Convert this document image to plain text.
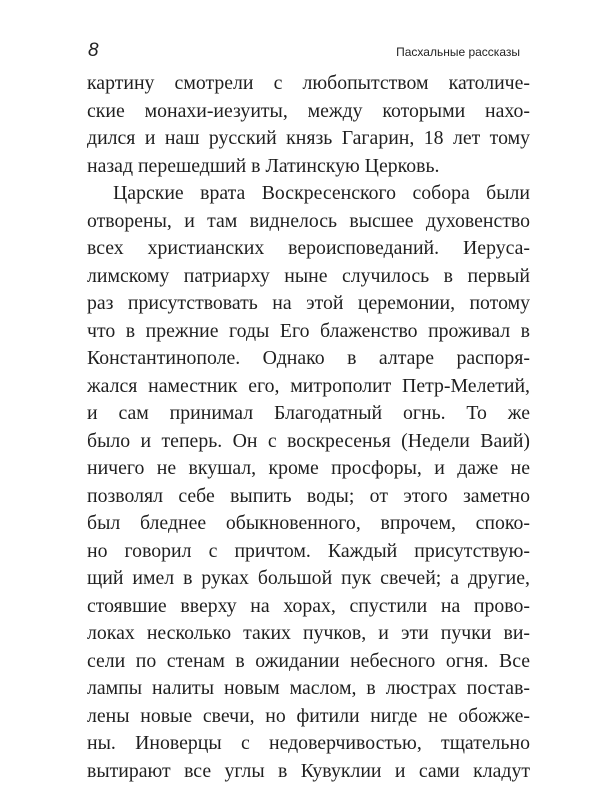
8	Пасхальные рассказы
картину смотрели с любопытством католиче-
ские монахи-иезуиты, между которыми нахо-
дился и наш русский князь Гагарин, 18 лет тому
назад перешедший в Латинскую Церковь.
Царские врата Воскресенского собора были
отворены, и там виднелось высшее духовенство
всех христианских вероисповеданий. Иеруса-
лимскому патриарху ныне случилось в первый
раз присутствовать на этой церемонии, потому
что в прежние годы Его блаженство проживал в
Константинополе. Однако в алтаре распоря-
жался наместник его, митрополит Петр-Мелетий,
и сам принимал Благодатный огнь. То же
было и теперь. Он с воскресенья (Недели Ваий)
ничего не вкушал, кроме просфоры, и даже не
позволял себе выпить воды; от этого заметно
был бледнее обыкновенного, впрочем, споко-
но говорил с причтом. Каждый присутствую-
щий имел в руках большой пук свечей; а другие,
стоявшие вверху на хорах, спустили на прово-
локах несколько таких пучков, и эти пучки ви-
сели по стенам в ожидании небесного огня. Все
лампы налиты новым маслом, в люстрах постав-
лены новые свечи, но фитили нигде не обожже-
ны. Иноверцы с недоверчивостью, тщательно
вытирают все углы в Кувуклии и сами кладут
